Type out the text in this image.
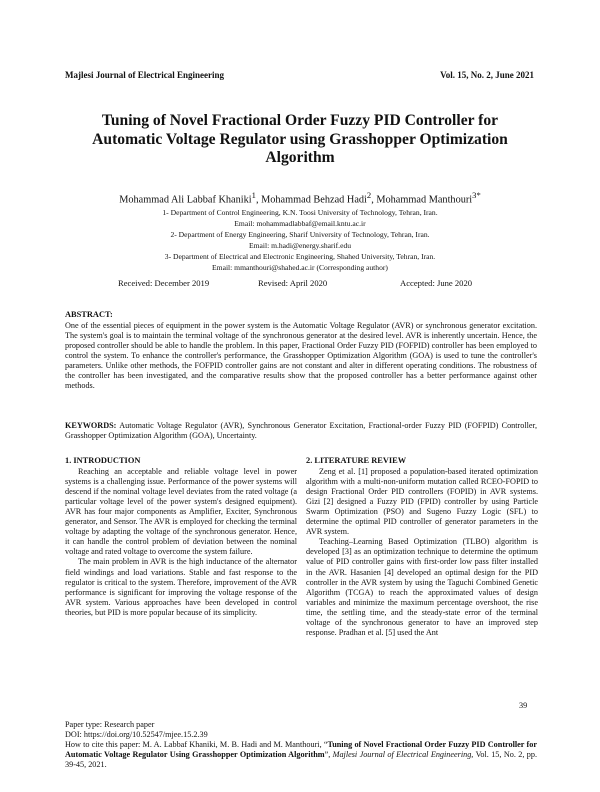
Majlesi Journal of Electrical Engineering	Vol. 15, No. 2, June 2021
Tuning of Novel Fractional Order Fuzzy PID Controller for Automatic Voltage Regulator using Grasshopper Optimization Algorithm
Mohammad Ali Labbaf Khaniki$^1$, Mohammad Behzad Hadi$^2$, Mohammad Manthouri$^{3*}$
1- Department of Control Engineering, K.N. Toosi University of Technology, Tehran, Iran.
Email: mohammadlabbaf@email.kntu.ac.ir
2- Department of Energy Engineering, Sharif University of Technology, Tehran, Iran.
Email: m.hadi@energy.sharif.edu
3- Department of Electrical and Electronic Engineering, Shahed University, Tehran, Iran.
Email: mmanthouri@shahed.ac.ir (Corresponding author)
Received: December 2019	Revised: April 2020	Accepted: June 2020
ABSTRACT:

One of the essential pieces of equipment in the power system is the Automatic Voltage Regulator (AVR) or synchronous generator excitation. The system's goal is to maintain the terminal voltage of the synchronous generator at the desired level. AVR is inherently uncertain. Hence, the proposed controller should be able to handle the problem. In this paper, Fractional Order Fuzzy PID (FOFPID) controller has been employed to control the system. To enhance the controller's performance, the Grasshopper Optimization Algorithm (GOA) is used to tune the controller's parameters. Unlike other methods, the FOFPID controller gains are not constant and alter in different operating conditions. The robustness of the controller has been investigated, and the comparative results show that the proposed controller has a better performance against other methods.

KEYWORDS: Automatic Voltage Regulator (AVR), Synchronous Generator Excitation, Fractional-order Fuzzy PID (FOFPID) Controller, Grasshopper Optimization Algorithm (GOA), Uncertainty.

1. INTRODUCTION

Reaching an acceptable and reliable voltage level in power systems is a challenging issue. Performance of the power systems will descend if the nominal voltage level deviates from the rated voltage (a particular voltage level of the power system's designed equipment). AVR has four major components as Amplifier, Exciter, Synchronous generator, and Sensor. The AVR is employed for checking the terminal voltage by adapting the voltage of the synchronous generator. Hence, it can handle the control problem of deviation between the nominal voltage and rated voltage to overcome the system failure.

The main problem in AVR is the high inductance of the alternator field windings and load variations. Stable and fast response to the regulator is critical to the system. Therefore, improvement of the AVR performance is significant for improving the voltage response of the AVR system. Various approaches have been developed in control theories, but PID is more popular because of its simplicity.

2. LITERATURE REVIEW

Zeng et al. [1] proposed a population-based iterated optimization algorithm with a multi-non-uniform mutation called RCEO-FOPID to design Fractional Order PID controllers (FOPID) in AVR systems. Gizi [2] designed a Fuzzy PID (FPID) controller by using Particle Swarm Optimization (PSO) and Sugeno Fuzzy Logic (SFL) to determine the optimal PID controller of generator parameters in the AVR system.

Teaching–Learning Based Optimization (TLBO) algorithm is developed [3] as an optimization technique to determine the optimum value of PID controller gains with first-order low pass filter installed in the AVR. Hasanien [4] developed an optimal design for the PID controller in the AVR system by using the Taguchi Combined Genetic Algorithm (TCGA) to reach the approximated values of design variables and minimize the maximum percentage overshoot, the rise time, the settling time, and the steady-state error of the terminal voltage of the synchronous generator to have an improved step response. Pradhan et al. [5] used the Ant

39
Paper type: Research paper
DOI: https://doi.org/10.52547/mjee.15.2.39
How to cite this paper: M. A. Labbaf Khaniki, M. B. Hadi and M. Manthouri, “Tuning of Novel Fractional Order Fuzzy PID Controller for Automatic Voltage Regulator Using Grasshopper Optimization Algorithm”, Majlesi Journal of Electrical Engineering, Vol. 15, No. 2, pp. 39-45, 2021.
